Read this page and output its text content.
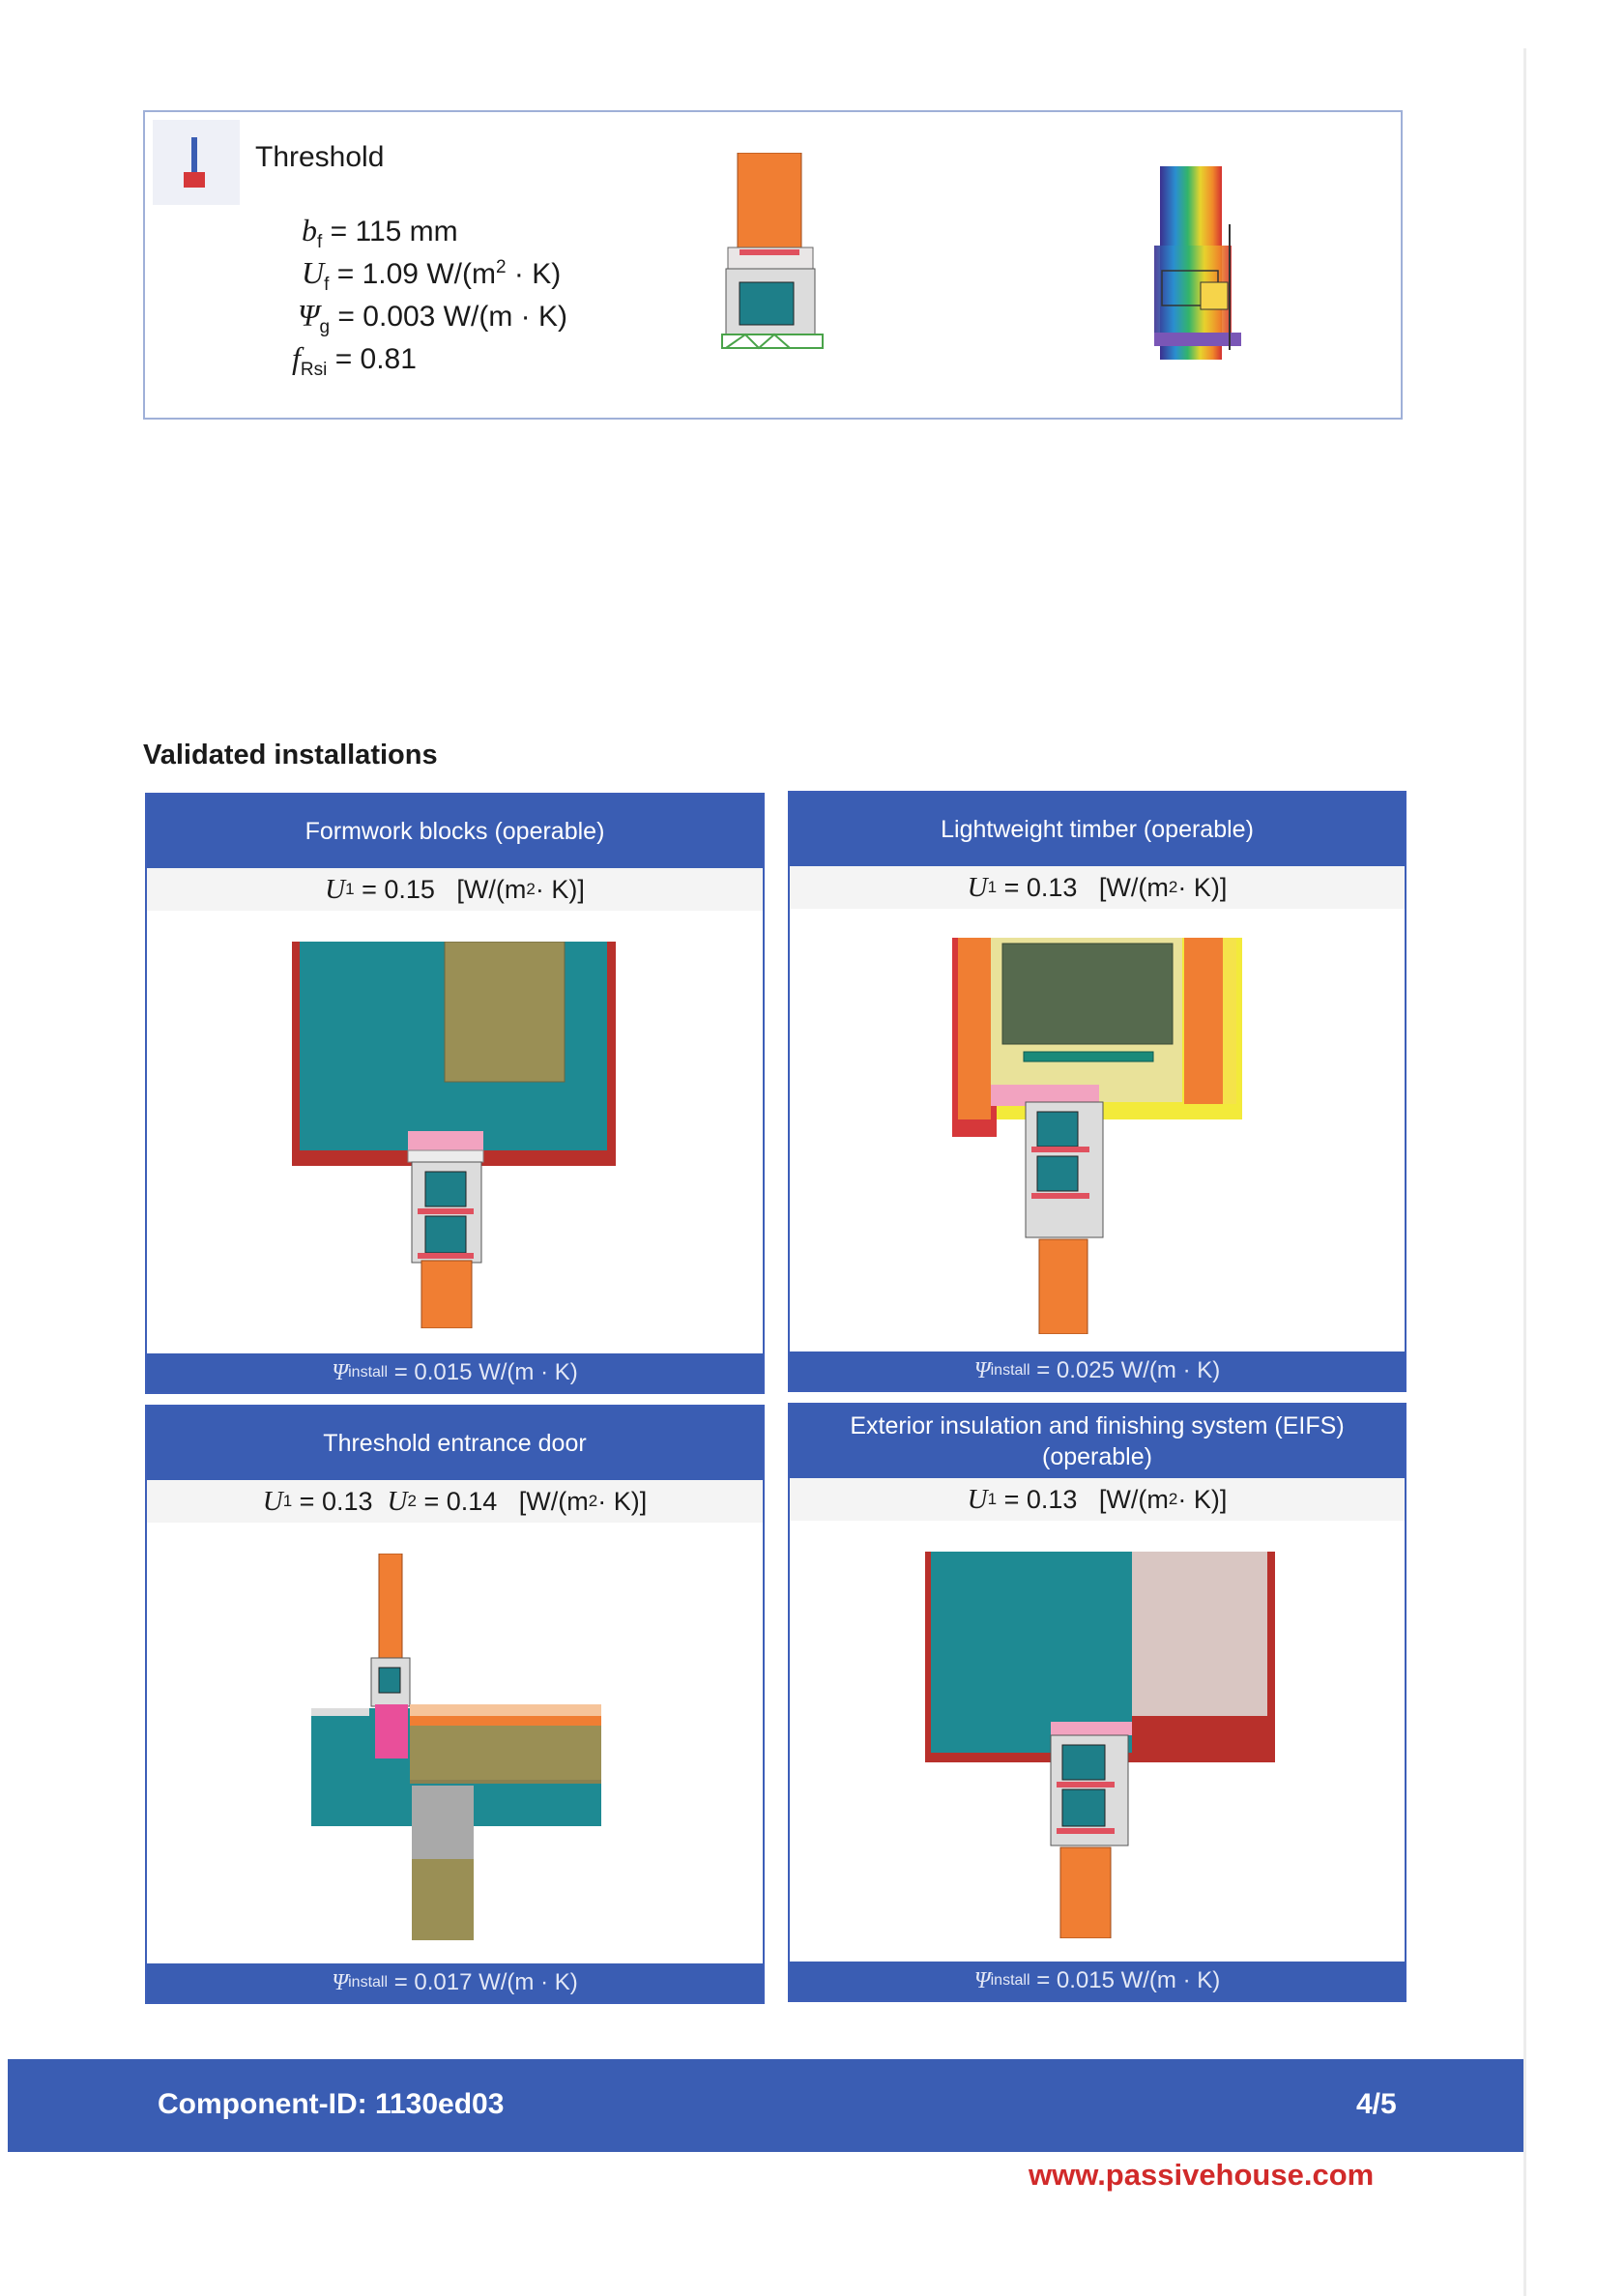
Threshold
$b_f = 115$ mm
$U_f = 1.09$ $W/(m^2 \cdot K)$
$\Psi_g = 0.003$ W/(m · K)
$f_{Rsi} = 0.81$
Validated installations
Formwork blocks (operable)
U 1
= 0.15
[W/(m 2 · K)]
Ψ install
= 0.015 W/(m · K)
Lightweight timber (operable)
U 1
= 0.13
[W/(m 2 · K)]
Ψ install
= 0.025 W/(m · K)
Threshold entrance door
U 1
= 0.13
U 2
= 0.14
[W/(m 2 · K)]
Ψ install
= 0.017 W/(m · K)
Exterior insulation and finishing system (EIFS) (operable)
U 1
= 0.13
[W/(m 2 · K)]
Ψ install
= 0.015 W/(m · K)
Component-ID: 1130ed03	4/5
www.passivehouse.com
